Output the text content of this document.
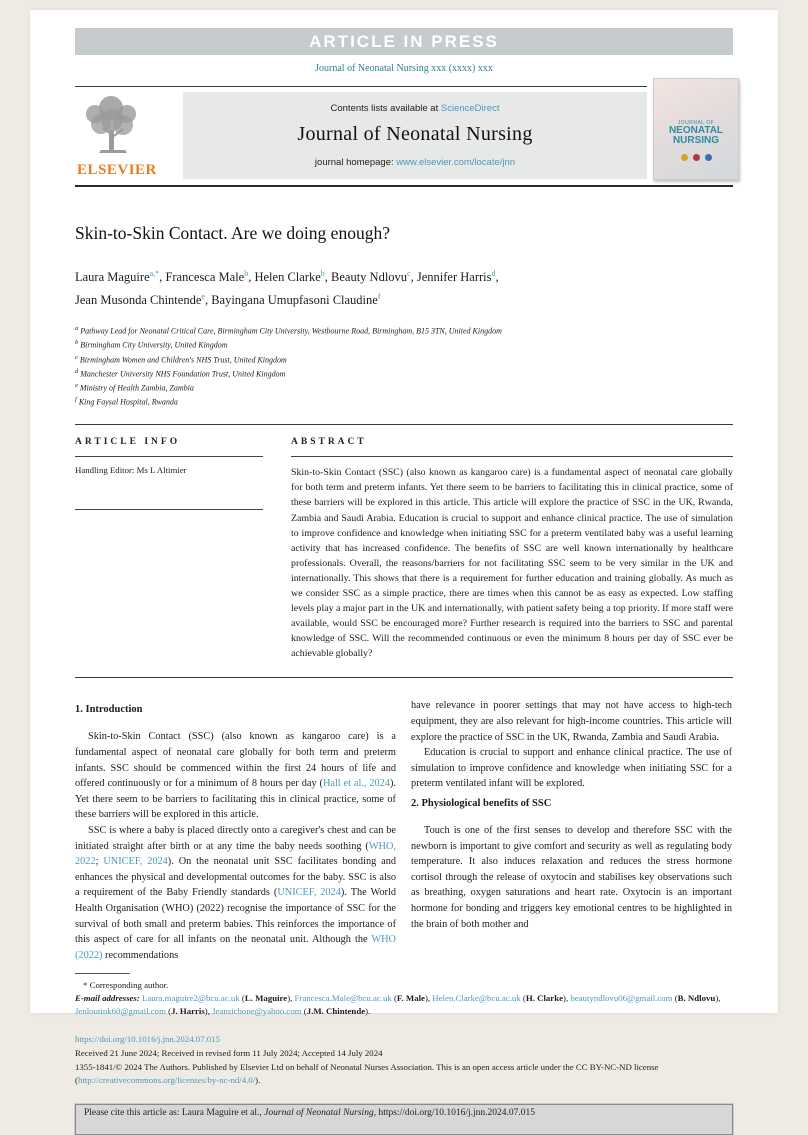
ARTICLE IN PRESS
Journal of Neonatal Nursing xxx (xxxx) xxx
ELSEVIER
Contents lists available at ScienceDirect
Journal of Neonatal Nursing
journal homepage: www.elsevier.com/locate/jnn
JOURNAL OF
NEONATAL
NURSING
Skin-to-Skin Contact. Are we doing enough?
Laura Maguire$^{a,*}$, Francesca Male$^b$, Helen Clarke$^b$, Beauty Ndlovu$^c$, Jennifer Harris$^d$,
Jean Musonda Chintende$^e$, Bayingana Umupfasoni Claudine$^f$
$^a$ Pathway Lead for Neonatal Critical Care, Birmingham City University, Westbourne Road, Birmingham, B15 3TN, United Kingdom
$^b$ Birmingham City University, United Kingdom
$^c$ Birmingham Women and Children's NHS Trust, United Kingdom
$^d$ Manchester University NHS Foundation Trust, United Kingdom
$^e$ Ministry of Health Zambia, Zambia
$^f$ King Faysal Hospital, Rwanda
ARTICLE INFO
Handling Editor: Ms L Altimier
ABSTRACT
Skin-to-Skin Contact (SSC) (also known as kangaroo care) is a fundamental aspect of neonatal care globally for both term and preterm infants. Yet there seem to be barriers to facilitating this in clinical practice, some of these barriers will be explored in this article. This article will explore the practice of SSC in the UK, Rwanda, Zambia and Saudi Arabia. Education is crucial to support and enhance clinical practice. The use of simulation to improve confidence and knowledge when initiating SSC for a preterm ventilated baby was a useful learning activity that has increased confidence. The benefits of SSC are well known internationally by healthcare professionals. Overall, the reasons/barriers for not facilitating SSC seem to be very similar in the UK and internationally. This shows that there is a requirement for further education and training globally. As much as we consider SSC as a simple practice, there are times when this cannot be as easy as expected. Low staffing levels play a major part in the UK and internationally, with patient safety being a top priority. If more staff were available, would SSC be encouraged more? Further research is required into the barriers to SSC and parental knowledge of SSC. Will the recommended continuous or even the minimum 8 hours per day of SSC ever be achievable globally?
1. Introduction

Skin-to-Skin Contact (SSC) (also known as kangaroo care) is a fundamental aspect of neonatal care globally for both term and preterm infants. SSC should be commenced within the first 24 hours of life and offered continuously or for a minimum of 8 hours per day (Hall et al., 2024). Yet there seem to be barriers to facilitating this in clinical practice, some of these barriers will be explored in this article.

SSC is where a baby is placed directly onto a caregiver's chest and can be initiated straight after birth or at any time the baby needs soothing (WHO, 2022; UNICEF, 2024). On the neonatal unit SSC facilitates bonding and enhances the physical and developmental outcomes for the baby. SSC is also a requirement of the Baby Friendly standards (UNICEF, 2024). The World Health Organisation (WHO) (2022) recognise the importance of SSC for the survival of both small and preterm babies. This reinforces the importance of this aspect of care for all infants on the neonatal unit. Although the WHO (2022) recommendations

have relevance in poorer settings that may not have access to high-tech equipment, they are also relevant for high-income countries. This article will explore the practice of SSC in the UK, Rwanda, Zambia and Saudi Arabia.

Education is crucial to support and enhance clinical practice. The use of simulation to improve confidence and knowledge when initiating SSC for a preterm ventilated infant will be explored.

2. Physiological benefits of SSC

Touch is one of the first senses to develop and therefore SSC with the newborn is important to give comfort and security as well as regulating body temperature. It also induces relaxation and reduces the stress hormone cortisol through the release of oxytocin and stabilises key observations such as breathing, oxygen saturations and heart rate. Oxytocin is an important hormone for bonding and triggers key emotional centres to be highlighted in the brain of both mother and

* Corresponding author.
E-mail addresses: Laura.maguire2@bcu.ac.uk (L. Maguire), Francesca.Male@bcu.ac.uk (F. Male), Helen.Clarke@bcu.ac.uk (H. Clarke), beautyndlovu06@gmail.com (B. Ndlovu), Jenloutink60@gmail.com (J. Harris), Jeansichone@yahoo.com (J.M. Chintende).
https://doi.org/10.1016/j.jnn.2024.07.015
Received 21 June 2024; Received in revised form 11 July 2024; Accepted 14 July 2024
1355-1841/© 2024 The Authors. Published by Elsevier Ltd on behalf of Neonatal Nurses Association. This is an open access article under the CC BY-NC-ND license (http://creativecommons.org/licenses/by-nc-nd/4.0/).
Please cite this article as: Laura Maguire et al., Journal of Neonatal Nursing, https://doi.org/10.1016/j.jnn.2024.07.015
